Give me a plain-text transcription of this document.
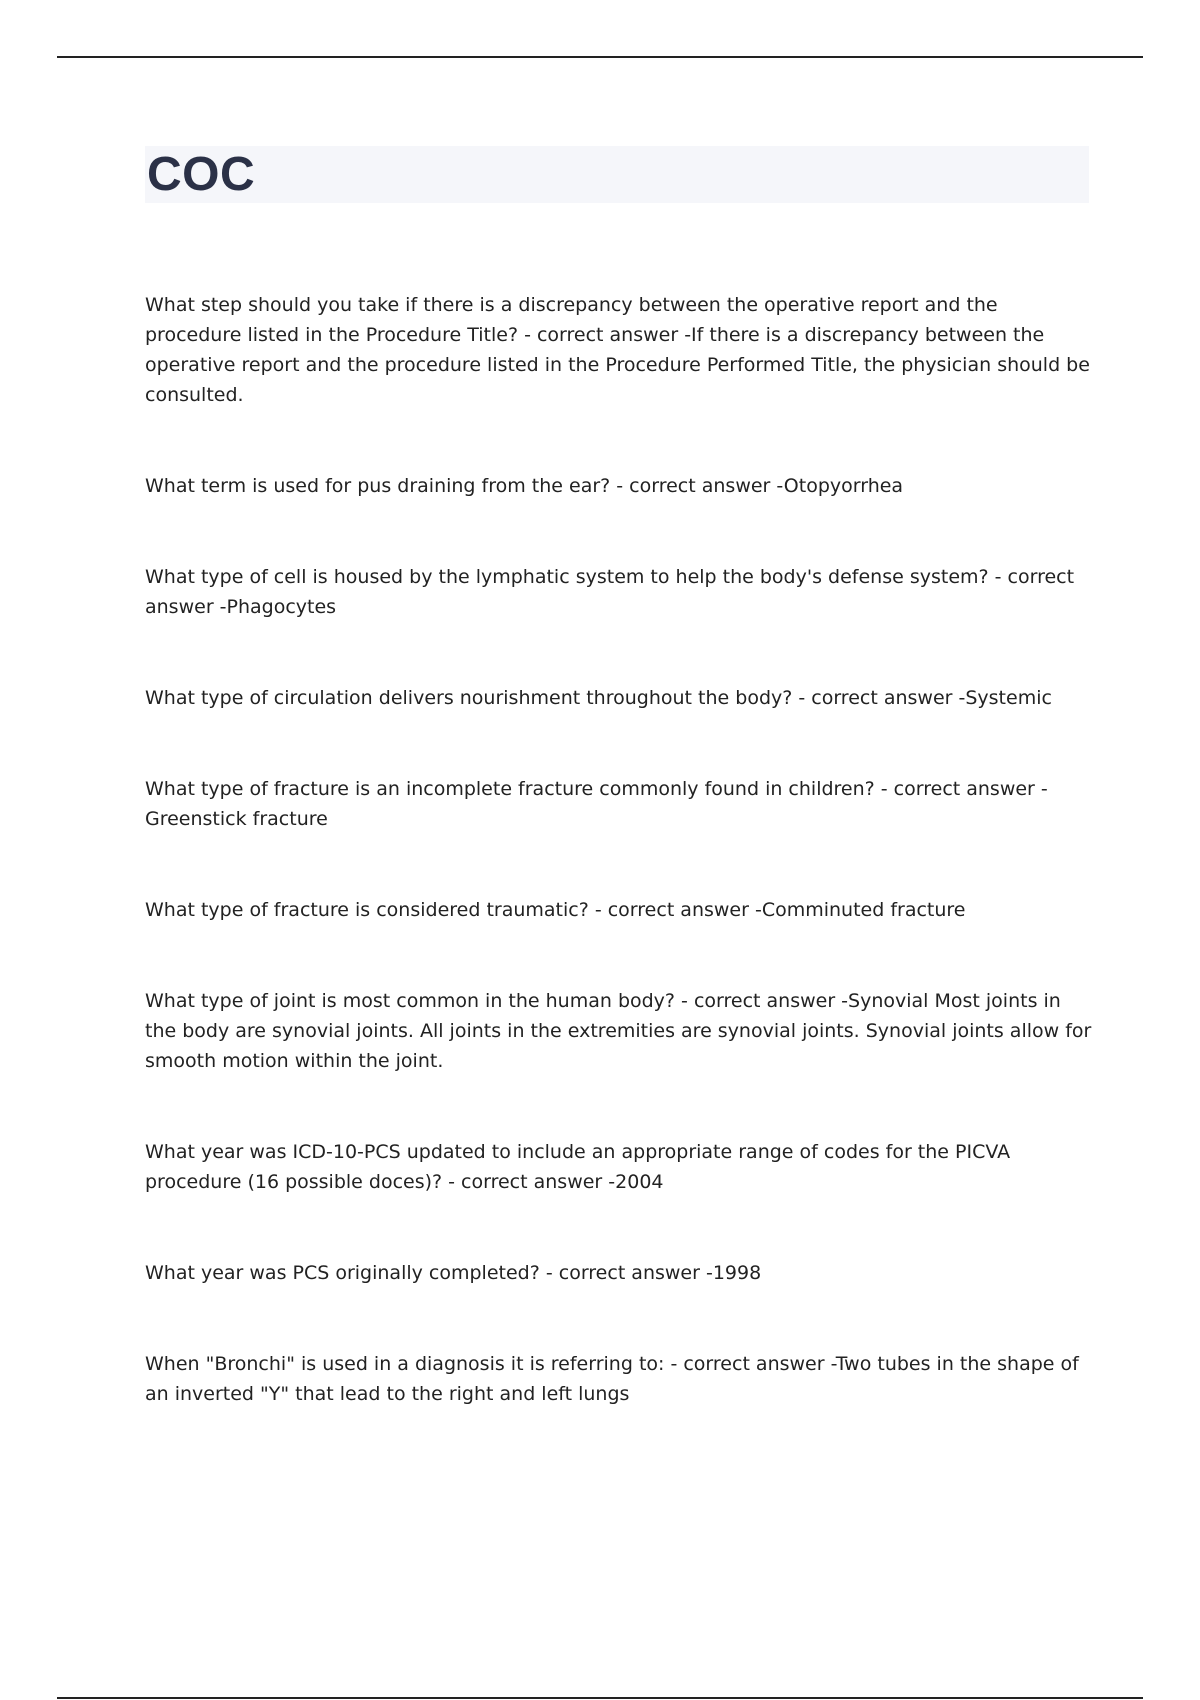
COC
What step should you take if there is a discrepancy between the operative report and the procedure listed in the Procedure Title? - correct answer -If there is a discrepancy between the operative report and the procedure listed in the Procedure Performed Title, the physician should be consulted.
What term is used for pus draining from the ear? - correct answer -Otopyorrhea
What type of cell is housed by the lymphatic system to help the body's defense system? - correct answer -Phagocytes
What type of circulation delivers nourishment throughout the body? - correct answer -Systemic
What type of fracture is an incomplete fracture commonly found in children? - correct answer -Greenstick fracture
What type of fracture is considered traumatic? - correct answer -Comminuted fracture
What type of joint is most common in the human body? - correct answer -Synovial Most joints in the body are synovial joints. All joints in the extremities are synovial joints. Synovial joints allow for smooth motion within the joint.
What year was ICD-10-PCS updated to include an appropriate range of codes for the PICVA procedure (16 possible doces)? - correct answer -2004
What year was PCS originally completed? - correct answer -1998
When "Bronchi" is used in a diagnosis it is referring to: - correct answer -Two tubes in the shape of an inverted "Y" that lead to the right and left lungs
